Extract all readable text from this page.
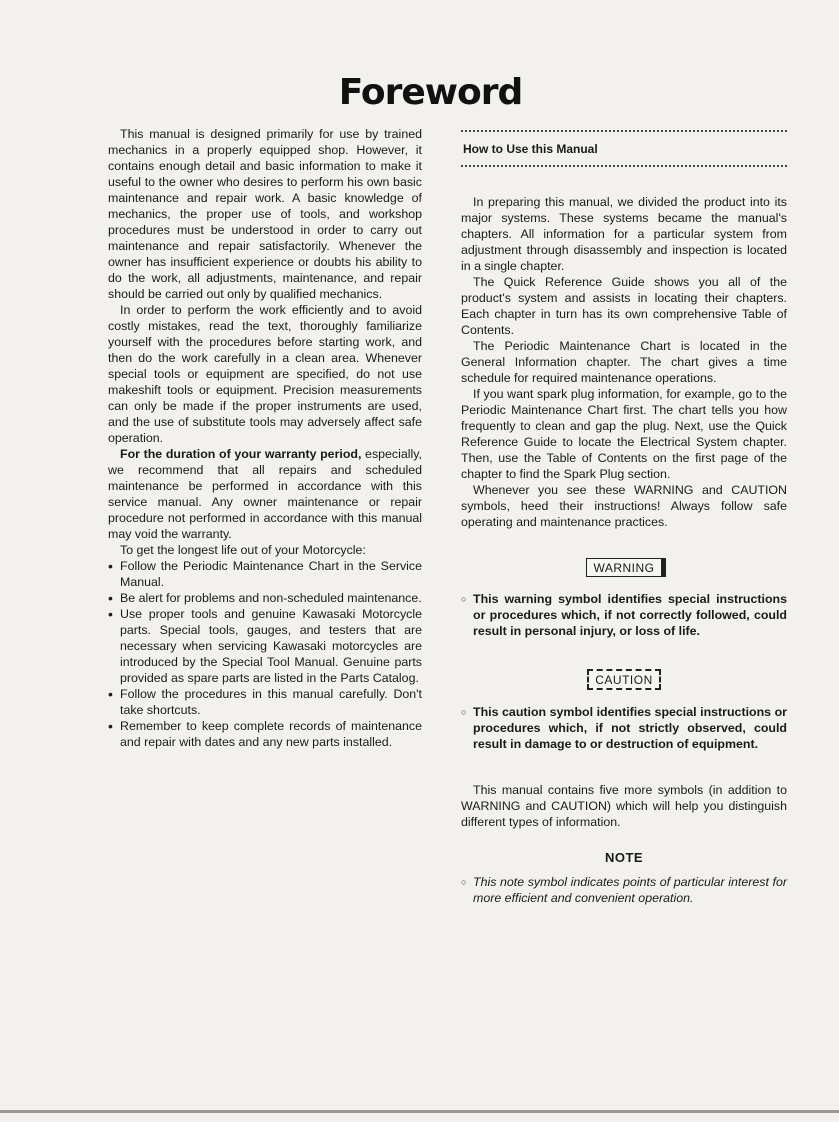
Foreword

This manual is designed primarily for use by trained mechanics in a properly equipped shop. However, it contains enough detail and basic information to make it useful to the owner who desires to perform his own basic maintenance and repair work. A basic knowledge of mechanics, the proper use of tools, and workshop procedures must be understood in order to carry out maintenance and repair satisfactorily. Whenever the owner has insufficient experience or doubts his ability to do the work, all adjustments, maintenance, and repair should be carried out only by qualified mechanics.

In order to perform the work efficiently and to avoid costly mistakes, read the text, thoroughly familiarize yourself with the procedures before starting work, and then do the work carefully in a clean area. Whenever special tools or equipment are specified, do not use makeshift tools or equipment. Precision measurements can only be made if the proper instruments are used, and the use of substitute tools may adversely affect safe operation.

For the duration of your warranty period, especially, we recommend that all repairs and scheduled maintenance be performed in accordance with this service manual. Any owner maintenance or repair procedure not performed in accordance with this manual may void the warranty.

To get the longest life out of your Motorcycle:

• Follow the Periodic Maintenance Chart in the Service Manual.
• Be alert for problems and non-scheduled maintenance.
• Use proper tools and genuine Kawasaki Motorcycle parts. Special tools, gauges, and testers that are necessary when servicing Kawasaki motorcycles are introduced by the Special Tool Manual. Genuine parts provided as spare parts are listed in the Parts Catalog.
• Follow the procedures in this manual carefully. Don't take shortcuts.
• Remember to keep complete records of maintenance and repair with dates and any new parts installed.
How to Use this Manual

In preparing this manual, we divided the product into its major systems. These systems became the manual's chapters. All information for a particular system from adjustment through disassembly and inspection is located in a single chapter.

The Quick Reference Guide shows you all of the product's system and assists in locating their chapters. Each chapter in turn has its own comprehensive Table of Contents.

The Periodic Maintenance Chart is located in the General Information chapter. The chart gives a time schedule for required maintenance operations.

If you want spark plug information, for example, go to the Periodic Maintenance Chart first. The chart tells you how frequently to clean and gap the plug. Next, use the Quick Reference Guide to locate the Electrical System chapter. Then, use the Table of Contents on the first page of the chapter to find the Spark Plug section.

Whenever you see these WARNING and CAUTION symbols, heed their instructions! Always follow safe operating and maintenance practices.

WARNING

○ This warning symbol identifies special instructions or procedures which, if not correctly followed, could result in personal injury, or loss of life.

CAUTION

○ This caution symbol identifies special instructions or procedures which, if not strictly observed, could result in damage to or destruction of equipment.

This manual contains five more symbols (in addition to WARNING and CAUTION) which will help you distinguish different types of information.

NOTE

○ This note symbol indicates points of particular interest for more efficient and convenient operation.
